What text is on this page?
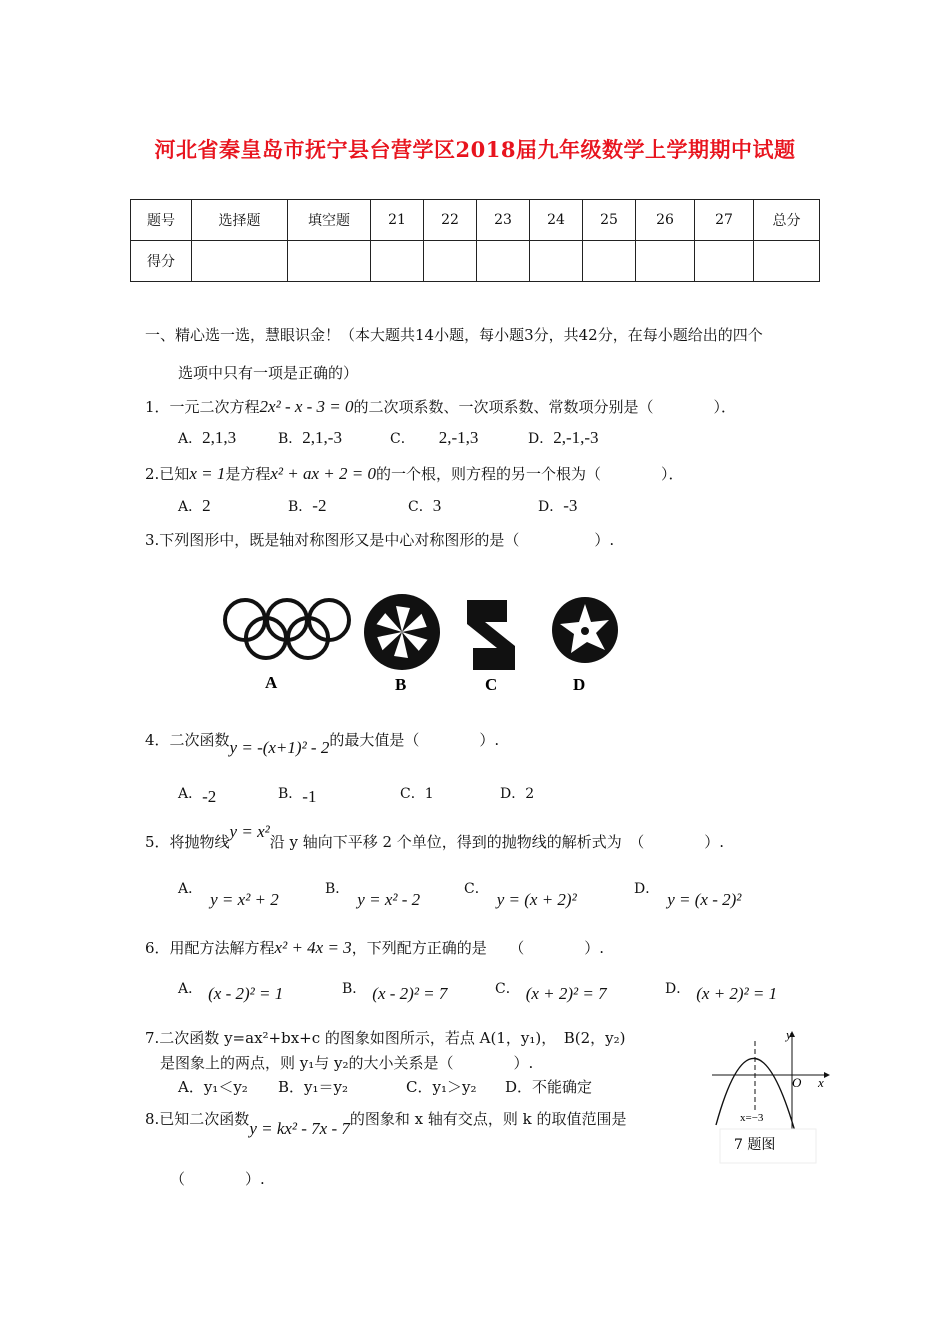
河北省秦皇岛市抚宁县台营学区2018届九年级数学上学期期中试题
题号	选择题	填空题	21	22	23	24	25	26	27	总分
得分										
一、精心选一选，慧眼识金！（本大题共14小题，每小题3分，共42分，在每小题给出的四个
选项中只有一项是正确的）
1．一元二次方程2x² - x - 3 = 0的二次项系数、一次项系数、常数项分别是（　　　　）．
A．2,1,3	B．2,1,-3	C． 2,-1,3	D．2,-1,-3
2.已知x = 1是方程x² + ax + 2 = 0的一个根，则方程的另一个根为（　　　　）．
A．2	B．-2	C．3	D．-3
3.下列图形中，既是轴对称图形又是中心对称图形的是（　　　　　）.
A	B	C	D
4．二次函数y = -(x+1)² - 2的最大值是（　　　　）.
A．-2	B．-1	C．1	D．2
5．将抛物线y = x²沿 y 轴向下平移 2 个单位，得到的抛物线的解析式为　（　　　　）.
A．y = x² + 2
B．y = x² - 2
C．y = (x + 2)²
D．y = (x - 2)²
6．用配方法解方程x² + 4x = 3，下列配方正确的是　　（　　　　）.
A． (x - 2)² = 1	B． (x - 2)² = 7	C． (x + 2)² = 7	D． (x + 2)² = 1
7.二次函数 y=ax²+bx+c 的图象如图所示，若点 A(1，y₁)，　B(2，y₂)
是图象上的两点，则 y₁与 y₂的大小关系是（　　　　）.
A．y₁＜y₂ B．y₁＝y₂	C．y₁＞y₂ D．不能确定
y
x
O
x=−3
7 题图
8.已知二次函数y = kx² - 7x - 7的图象和 x 轴有交点，则 k 的取值范围是
（　　　　）.
